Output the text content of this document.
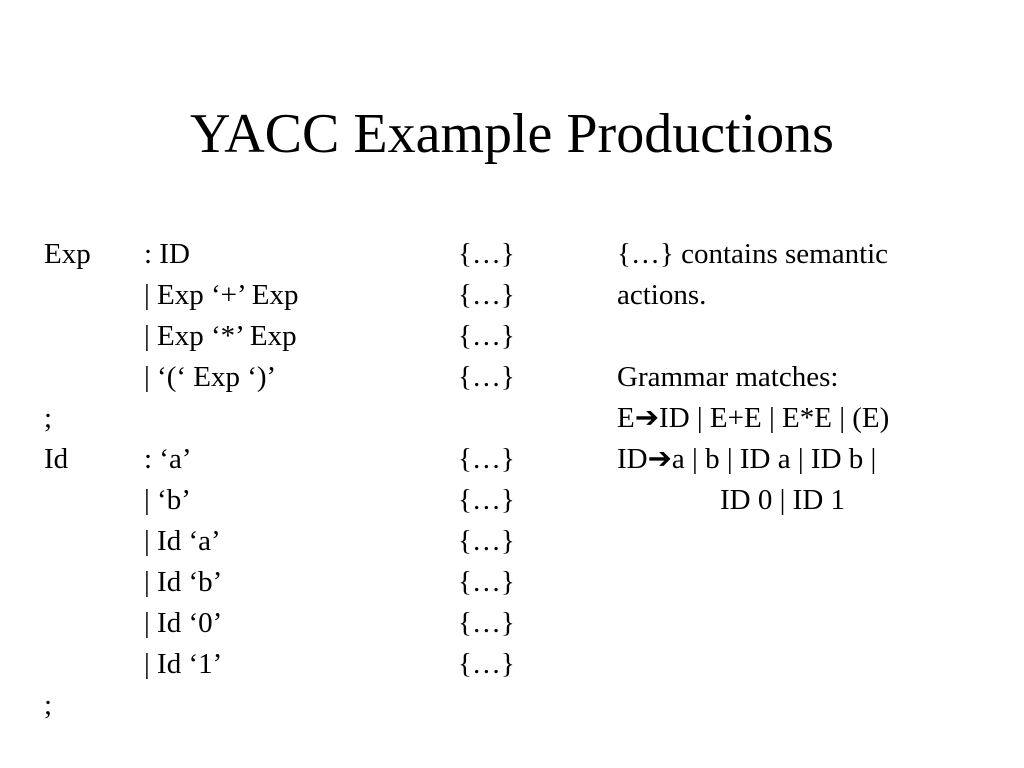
YACC Example Productions
Exp : ID	{…}
| Exp ‘+’ Exp	{…}
| Exp ‘*’ Exp	{…}
| ‘(‘ Exp ‘)’	{…}
;
Id	: ‘a’	{…}
| ‘b’	{…}
| Id ‘a’	{…}
| Id ‘b’	{…}
| Id ‘0’	{…}
| Id ‘1’	{…}
;
{…} contains semantic
actions.
Grammar matches:
E➔ID | E+E | E*E | (E)
ID➔a | b | ID a | ID b |
ID 0 | ID 1
